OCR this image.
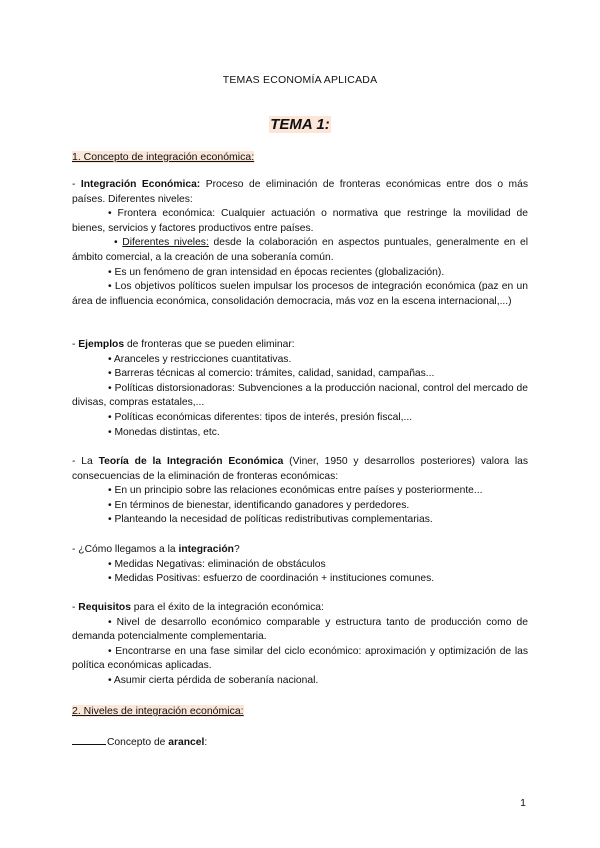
TEMAS ECONOMÍA APLICADA
TEMA 1:
1. Concepto de integración económica:

- Integración Económica: Proceso de eliminación de fronteras económicas entre dos o más países. Diferentes niveles:

• Frontera económica: Cualquier actuación o normativa que restringe la movilidad de bienes, servicios y factores productivos entre países.

• Diferentes niveles: desde la colaboración en aspectos puntuales, generalmente en el ámbito comercial, a la creación de una soberanía común.

• Es un fenómeno de gran intensidad en épocas recientes (globalización).

• Los objetivos políticos suelen impulsar los procesos de integración económica (paz en un área de influencia económica, consolidación democracia, más voz en la escena internacional,...)

- Ejemplos de fronteras que se pueden eliminar:

• Aranceles y restricciones cuantitativas.

• Barreras técnicas al comercio: trámites, calidad, sanidad, campañas...

• Políticas distorsionadoras: Subvenciones a la producción nacional, control del mercado de divisas, compras estatales,...

• Políticas económicas diferentes: tipos de interés, presión fiscal,...

• Monedas distintas, etc.

- La Teoría de la Integración Económica (Viner, 1950 y desarrollos posteriores) valora las consecuencias de la eliminación de fronteras económicas:

• En un principio sobre las relaciones económicas entre países y posteriormente...

• En términos de bienestar, identificando ganadores y perdedores.

• Planteando la necesidad de políticas redistributivas complementarias.

- ¿Cómo llegamos a la integración?

• Medidas Negativas: eliminación de obstáculos

• Medidas Positivas: esfuerzo de coordinación + instituciones comunes.

- Requisitos para el éxito de la integración económica:

• Nivel de desarrollo económico comparable y estructura tanto de producción como de demanda potencialmente complementaria.

• Encontrarse en una fase similar del ciclo económico: aproximación y optimización de las política económicas aplicadas.

• Asumir cierta pérdida de soberanía nacional.

2. Niveles de integración económica:

Concepto de arancel:

1
